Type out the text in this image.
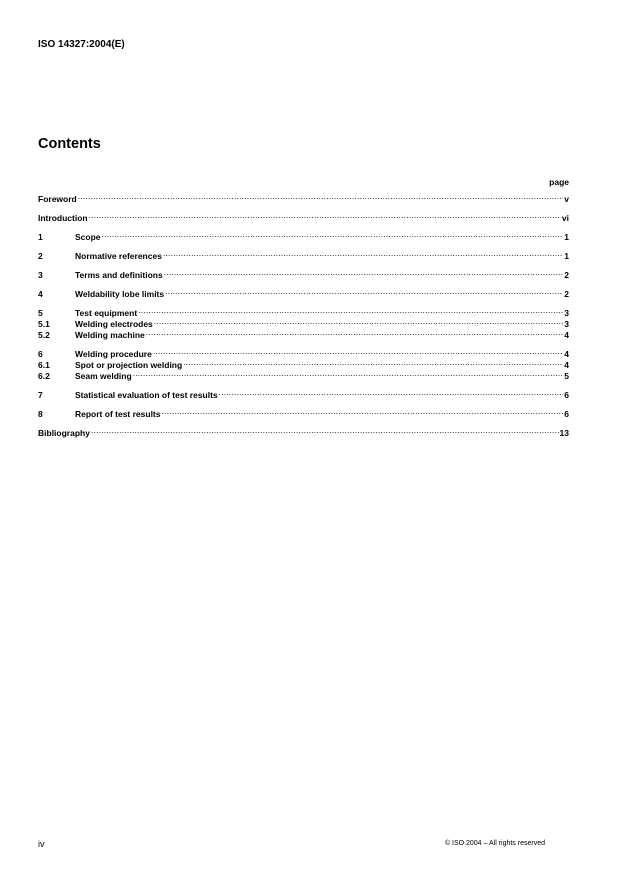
ISO 14327:2004(E)
Contents
page
Foreword .....	v
Introduction .....	vi
1	Scope .....	1
2	Normative references .....	1
3	Terms and definitions .....	2
4	Weldability lobe limits .....	2
5	Test equipment .....	3
5.1	Welding electrodes .....	3
5.2	Welding machine .....	4
6	Welding procedure .....	4
6.1	Spot or projection welding .....	4
6.2	Seam welding .....	5
7	Statistical evaluation of test results .....	6
8	Report of test results .....	6
Bibliography .....	13
iv	© ISO 2004 – All rights reserved
